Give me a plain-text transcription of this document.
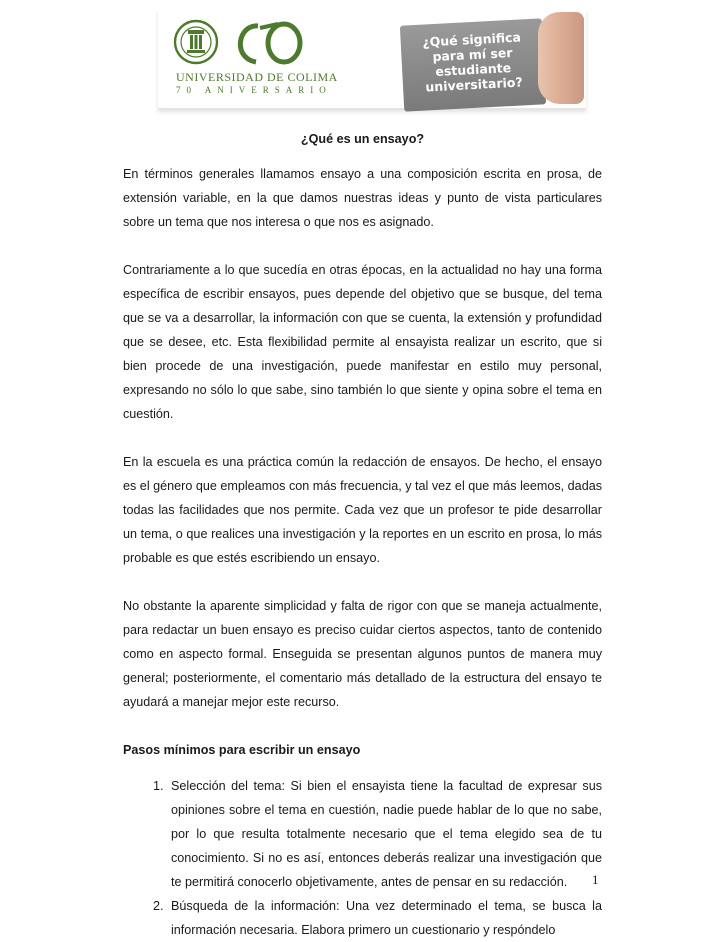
UNIVERSIDAD DE COLIMA
70 ANIVERSARIO
¿Qué significa para mí ser estudiante universitario?

¿Qué es un ensayo?

En términos generales llamamos ensayo a una composición escrita en prosa, de extensión variable, en la que damos nuestras ideas y punto de vista particulares sobre un tema que nos interesa o que nos es asignado.

Contrariamente a lo que sucedía en otras épocas, en la actualidad no hay una forma específica de escribir ensayos, pues depende del objetivo que se busque, del tema que se va a desarrollar, la información con que se cuenta, la extensión y profundidad que se desee, etc. Esta flexibilidad permite al ensayista realizar un escrito, que si bien procede de una investigación, puede manifestar en estilo muy personal, expresando no sólo lo que sabe, sino también lo que siente y opina sobre el tema en cuestión.

En la escuela es una práctica común la redacción de ensayos. De hecho, el ensayo es el género que empleamos con más frecuencia, y tal vez el que más leemos, dadas todas las facilidades que nos permite. Cada vez que un profesor te pide desarrollar un tema, o que realices una investigación y la reportes en un escrito en prosa, lo más probable es que estés escribiendo un ensayo.

No obstante la aparente simplicidad y falta de rigor con que se maneja actualmente, para redactar un buen ensayo es preciso cuidar ciertos aspectos, tanto de contenido como en aspecto formal. Enseguida se presentan algunos puntos de manera muy general; posteriormente, el comentario más detallado de la estructura del ensayo te ayudará a manejar mejor este recurso.

Pasos mínimos para escribir un ensayo

1. Selección del tema: Si bien el ensayista tiene la facultad de expresar sus opiniones sobre el tema en cuestión, nadie puede hablar de lo que no sabe, por lo que resulta totalmente necesario que el tema elegido sea de tu conocimiento. Si no es así, entonces deberás realizar una investigación que te permitirá conocerlo objetivamente, antes de pensar en su redacción.
2. Búsqueda de la información: Una vez determinado el tema, se busca la información necesaria. Elabora primero un cuestionario y respóndelo
1
